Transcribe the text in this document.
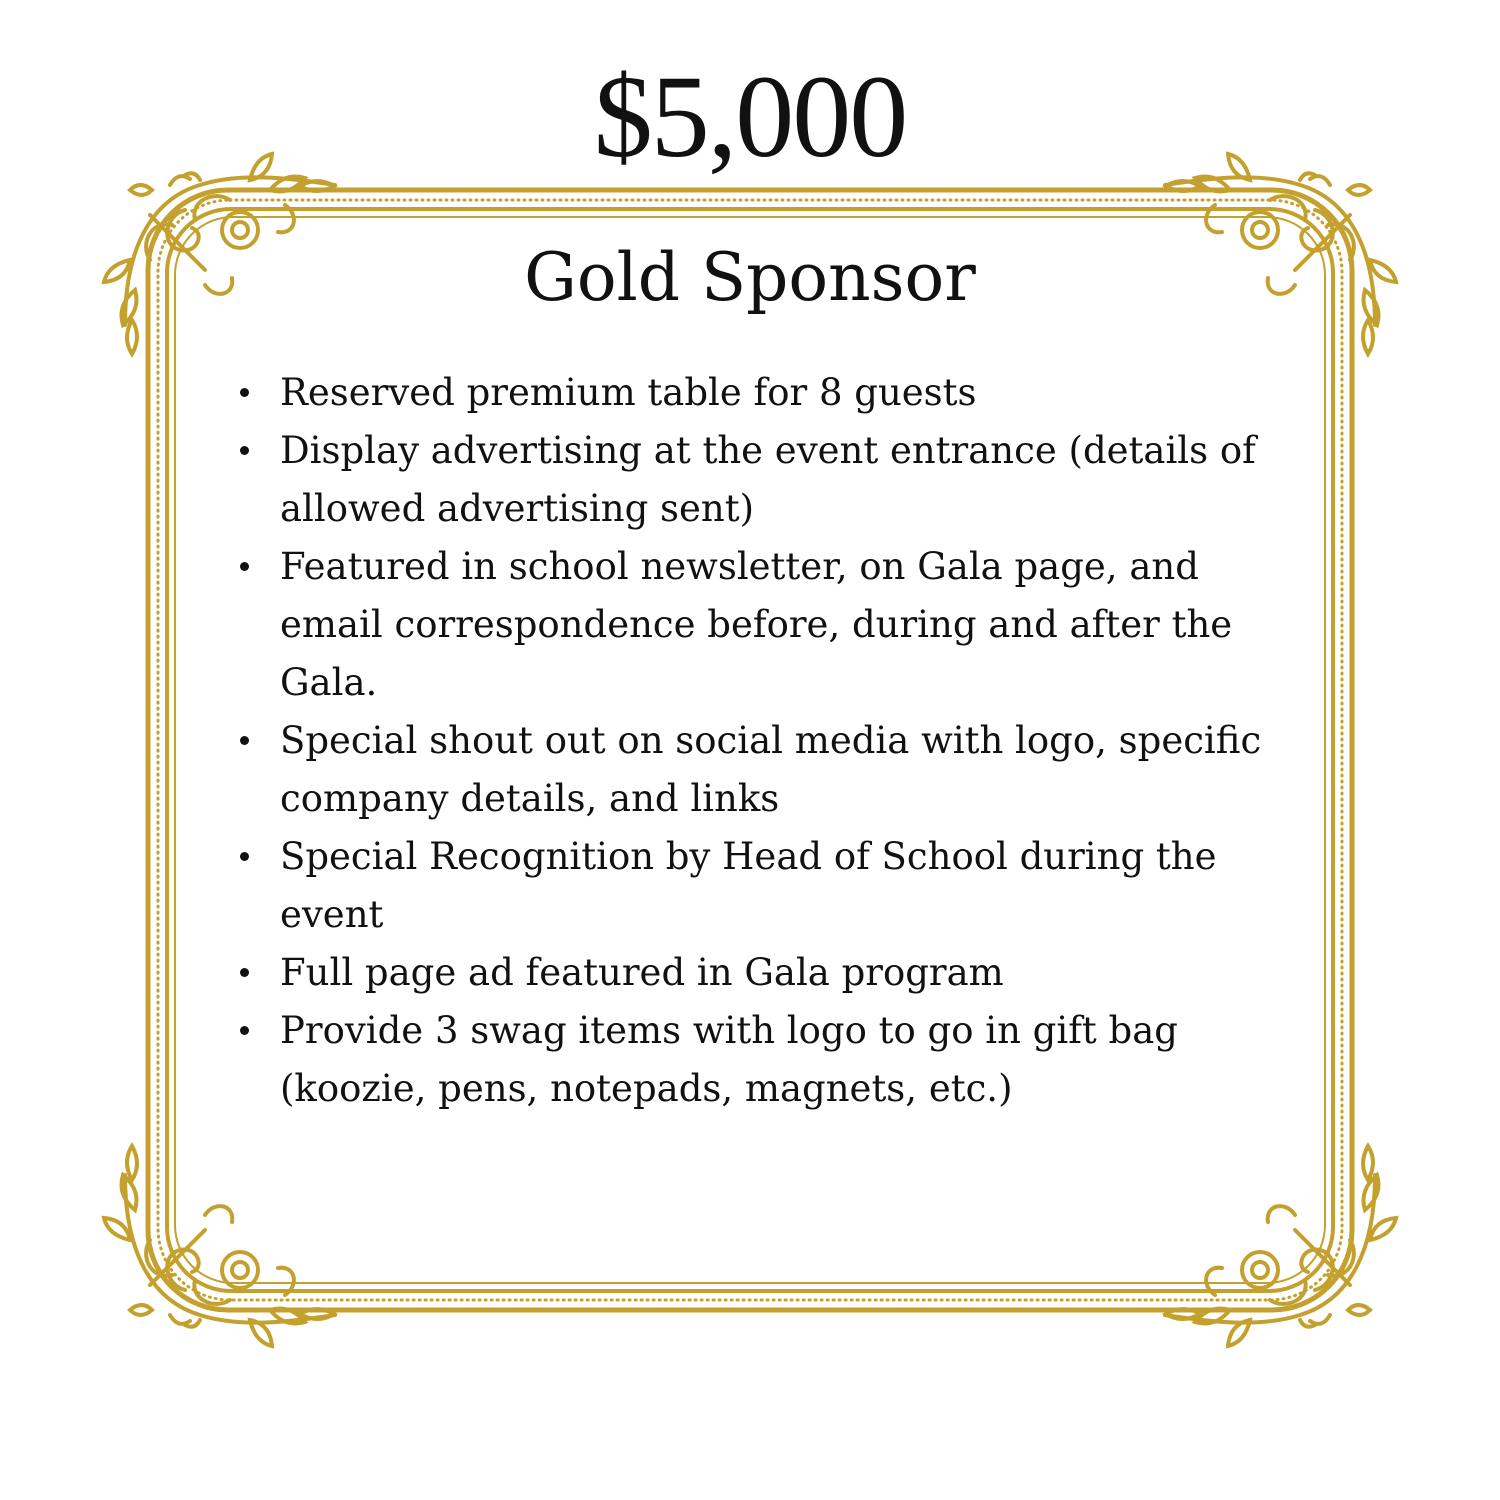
$5,000
Gold Sponsor
Reserved premium table for 8 guests
Display advertising at the event entrance (details of allowed advertising sent)
Featured in school newsletter, on Gala page, and email correspondence before, during and after the Gala.
Special shout out on social media with logo, specific company details, and links
Special Recognition by Head of School during the event
Full page ad featured in Gala program
Provide 3 swag items with logo to go in gift bag (koozie, pens, notepads, magnets, etc.)
